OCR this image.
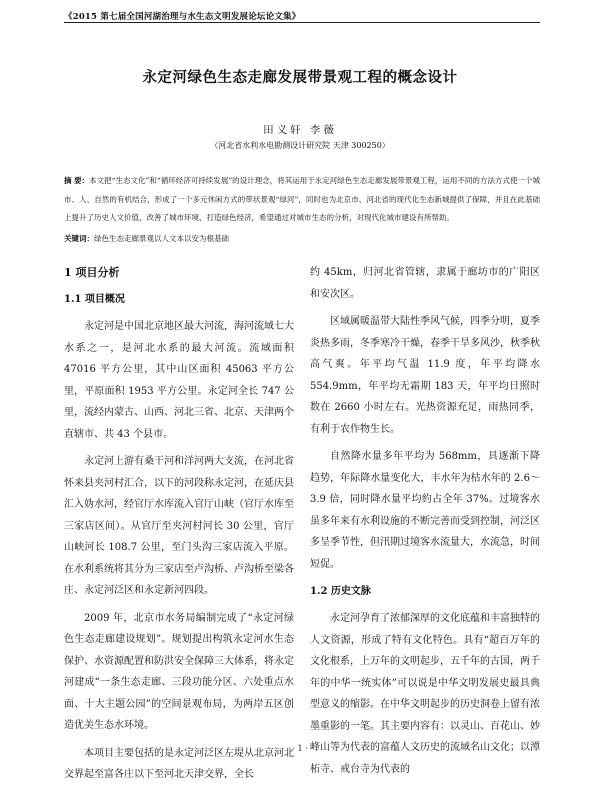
《2015 第七届全国河湖治理与水生态文明发展论坛论文集》
永定河绿色生态走廊发展带景观工程的概念设计
田义轩 李薇
（河北省水利水电勘测设计研究院 天津 300250）
摘 要：本文把“生态文化”和“循环经济可持续发展”的设计理念，将其运用于永定河绿色生态走廊发展带景观工程，运用不同的方法方式使一个城市、人、自然的有机结合，形成了一个多元休闲方式的带状景观“绿河”，同时也为北京市、河北省的现代化生态新城提供了保障，并且在此基础上提升了历史人文价值，改善了城市环境，打造绿色经济，希望通过对城市生态的分析，对现代化城市建设有所帮助。
关键词：绿色生态走廊景观以人文本以安为根基础
1 项目分析
1.1 项目概况

永定河是中国北京地区最大河流，海河流域七大水系之一，是河北水系的最大河流。流域面积 47016 平方公里，其中山区面积 45063 平方公里，平原面积 1953 平方公里。永定河全长 747 公里，流经内蒙古、山西、河北三省、北京、天津两个直辖市、共 43 个县市。

永定河上游有桑干河和洋河两大支流，在河北省怀来县夹河村汇合，以下的河段称永定河，在延庆县汇入妫水河，经官厅水库流入官厅山峡（官厅水库至三家店区间）。从官厅至夹河村河长 30 公里，官厅山峡河长 108.7 公里，至门头沟三家店流入平原。在水利系统将其分为三家店至卢沟桥、卢沟桥至梁各庄、永定河泛区和永定新河四段。

2009 年，北京市水务局编制完成了“永定河绿色生态走廊建设规划”。规划提出构筑永定河水生态保护、水资源配置和防洪安全保障三大体系，将永定河建成“一条生态走廊、三段功能分区、六处重点水面、十大主题公园”的空间景观布局，为两岸五区创造优美生态水环境。

本项目主要包括的是永定河泛区左堤从北京河北交界起至富各庄以下至河北天津交界，全长

约 45km，归河北省管辖，隶属于廊坊市的广阳区和安次区。

区域属暖温带大陆性季风气候，四季分明，夏季炎热多雨，冬季寒冷干燥，春季干旱多风沙，秋季秋高气爽。年平均气温 11.9 度，年平均降水 554.9mm，年平均无霜期 183 天，年平均日照时数在 2660 小时左右。光热资源充足，雨热同季，有利于农作物生长。

自然降水量多年平均为 568mm，具逐渐下降趋势，年际降水量变化大，丰水年为枯水年的 2.6～3.9 倍，同时降水量平均約占全年 37%。过境客水虽多年来有水利设施的不断完善而受到控制，河泛区多呈季节性，但汛期过境客水流量大，水流急，时间短促。

1.2 历史文脉

永定河孕育了浓郁深厚的文化底蕴和丰富独特的人文资源，形成了特有文化特色。具有“超百万年的文化根系，上万年的文明起步，五千年的古国，两千年的中华一统实体”可以说是中华文明发展史最具典型意义的缩影。在中华文明起步的历史洞卷上留有浓墨重影的一笔。其主要内容有：以灵山、百花山、妙峰山等为代表的富蕴人文历史的流域名山文化；以潭柘寺、戒台寺为代表的

· 1 ·
